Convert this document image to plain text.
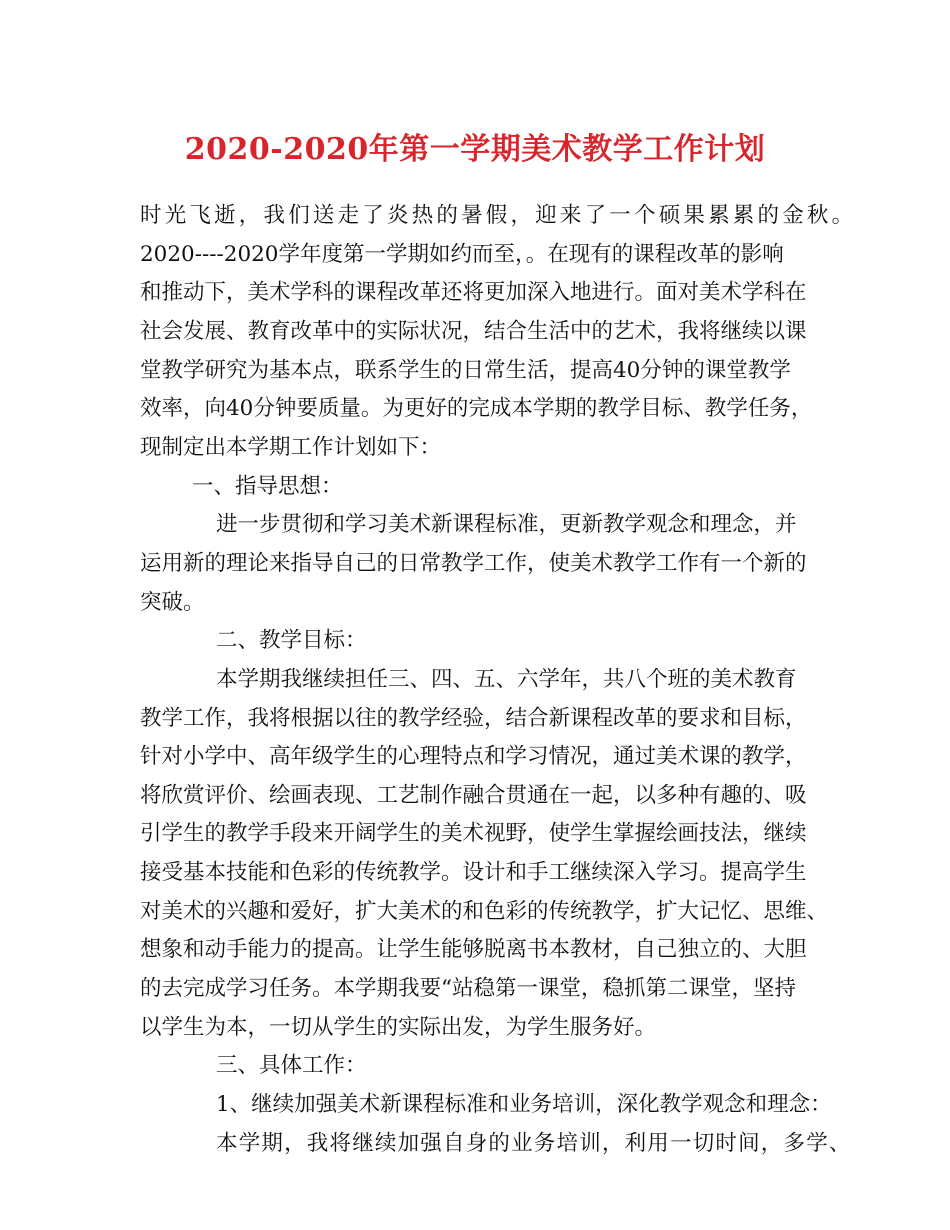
2020-2020年第一学期美术教学工作计划
时光飞逝，我们送走了炎热的暑假，迎来了一个硕果累累的金秋。
2020----2020学年度第一学期如约而至，。在现有的课程改革的影响
和推动下，美术学科的课程改革还将更加深入地进行。面对美术学科在
社会发展、教育改革中的实际状况，结合生活中的艺术，我将继续以课
堂教学研究为基本点，联系学生的日常生活，提高40分钟的课堂教学
效率，向40分钟要质量。为更好的完成本学期的教学目标、教学任务，
现制定出本学期工作计划如下：
一、指导思想：
进一步贯彻和学习美术新课程标准，更新教学观念和理念，并
运用新的理论来指导自己的日常教学工作，使美术教学工作有一个新的
突破。
二、教学目标：
本学期我继续担任三、四、五、六学年，共八个班的美术教育
教学工作，我将根据以往的教学经验，结合新课程改革的要求和目标，
针对小学中、高年级学生的心理特点和学习情况，通过美术课的教学，
将欣赏评价、绘画表现、工艺制作融合贯通在一起，以多种有趣的、吸
引学生的教学手段来开阔学生的美术视野，使学生掌握绘画技法，继续
接受基本技能和色彩的传统教学。设计和手工继续深入学习。提高学生
对美术的兴趣和爱好，扩大美术的和色彩的传统教学，扩大记忆、思维、
想象和动手能力的提高。让学生能够脱离书本教材，自己独立的、大胆
的去完成学习任务。本学期我要“站稳第一课堂，稳抓第二课堂，坚持
以学生为本，一切从学生的实际出发，为学生服务好。
三、具体工作：
1、继续加强美术新课程标准和业务培训，深化教学观念和理念：
本学期，我将继续加强自身的业务培训，利用一切时间，多学、
